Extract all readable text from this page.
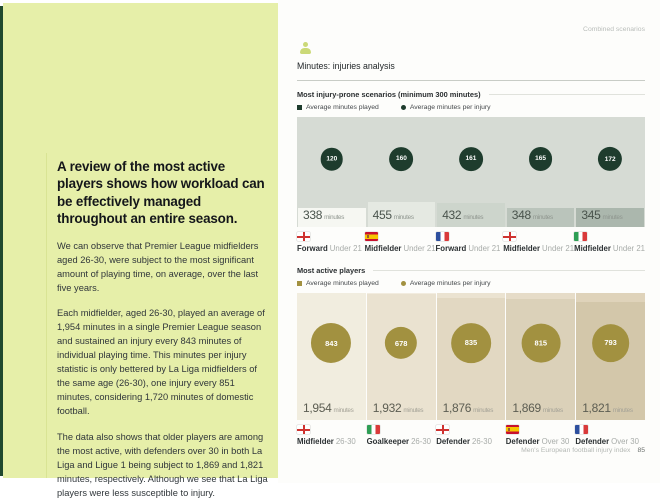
A review of the most active players shows how workload can be effectively managed throughout an entire season.
We can observe that Premier League midfielders aged 26-30, were subject to the most significant amount of playing time, on average, over the last five years.
Each midfielder, aged 26-30, played an average of 1,954 minutes in a single Premier League season and sustained an injury every 843 minutes of individual playing time. This minutes per injury statistic is only bettered by La Liga midfielders of the same age (26-30), one injury every 851 minutes, considering 1,720 minutes of domestic football.
The data also shows that older players are among the most active, with defenders over 30 in both La Liga and Ligue 1 being subject to 1,869 and 1,821 minutes, respectively. Although we see that La Liga players were less susceptible to injury.
Combined scenarios
Minutes: injuries analysis
Most injury-prone scenarios (minimum 300 minutes)
Average minutes played	Average minutes per injury
120
338 minutes
160
455 minutes
161
432 minutes
165
348 minutes
172
345 minutes
Forward Under 21 Midfielder Under 21 Forward Under 21 Midfielder Under 21 Midfielder Under 21
Most active players
Average minutes played	Average minutes per injury
843
1,954 minutes
678
1,932 minutes
835
1,876 minutes
815
1,869 minutes
793
1,821 minutes
Midfielder 26-30 Goalkeeper 26-30 Defender 26-30 Defender Over 30 Defender Over 30
Men's European football injury index 85
